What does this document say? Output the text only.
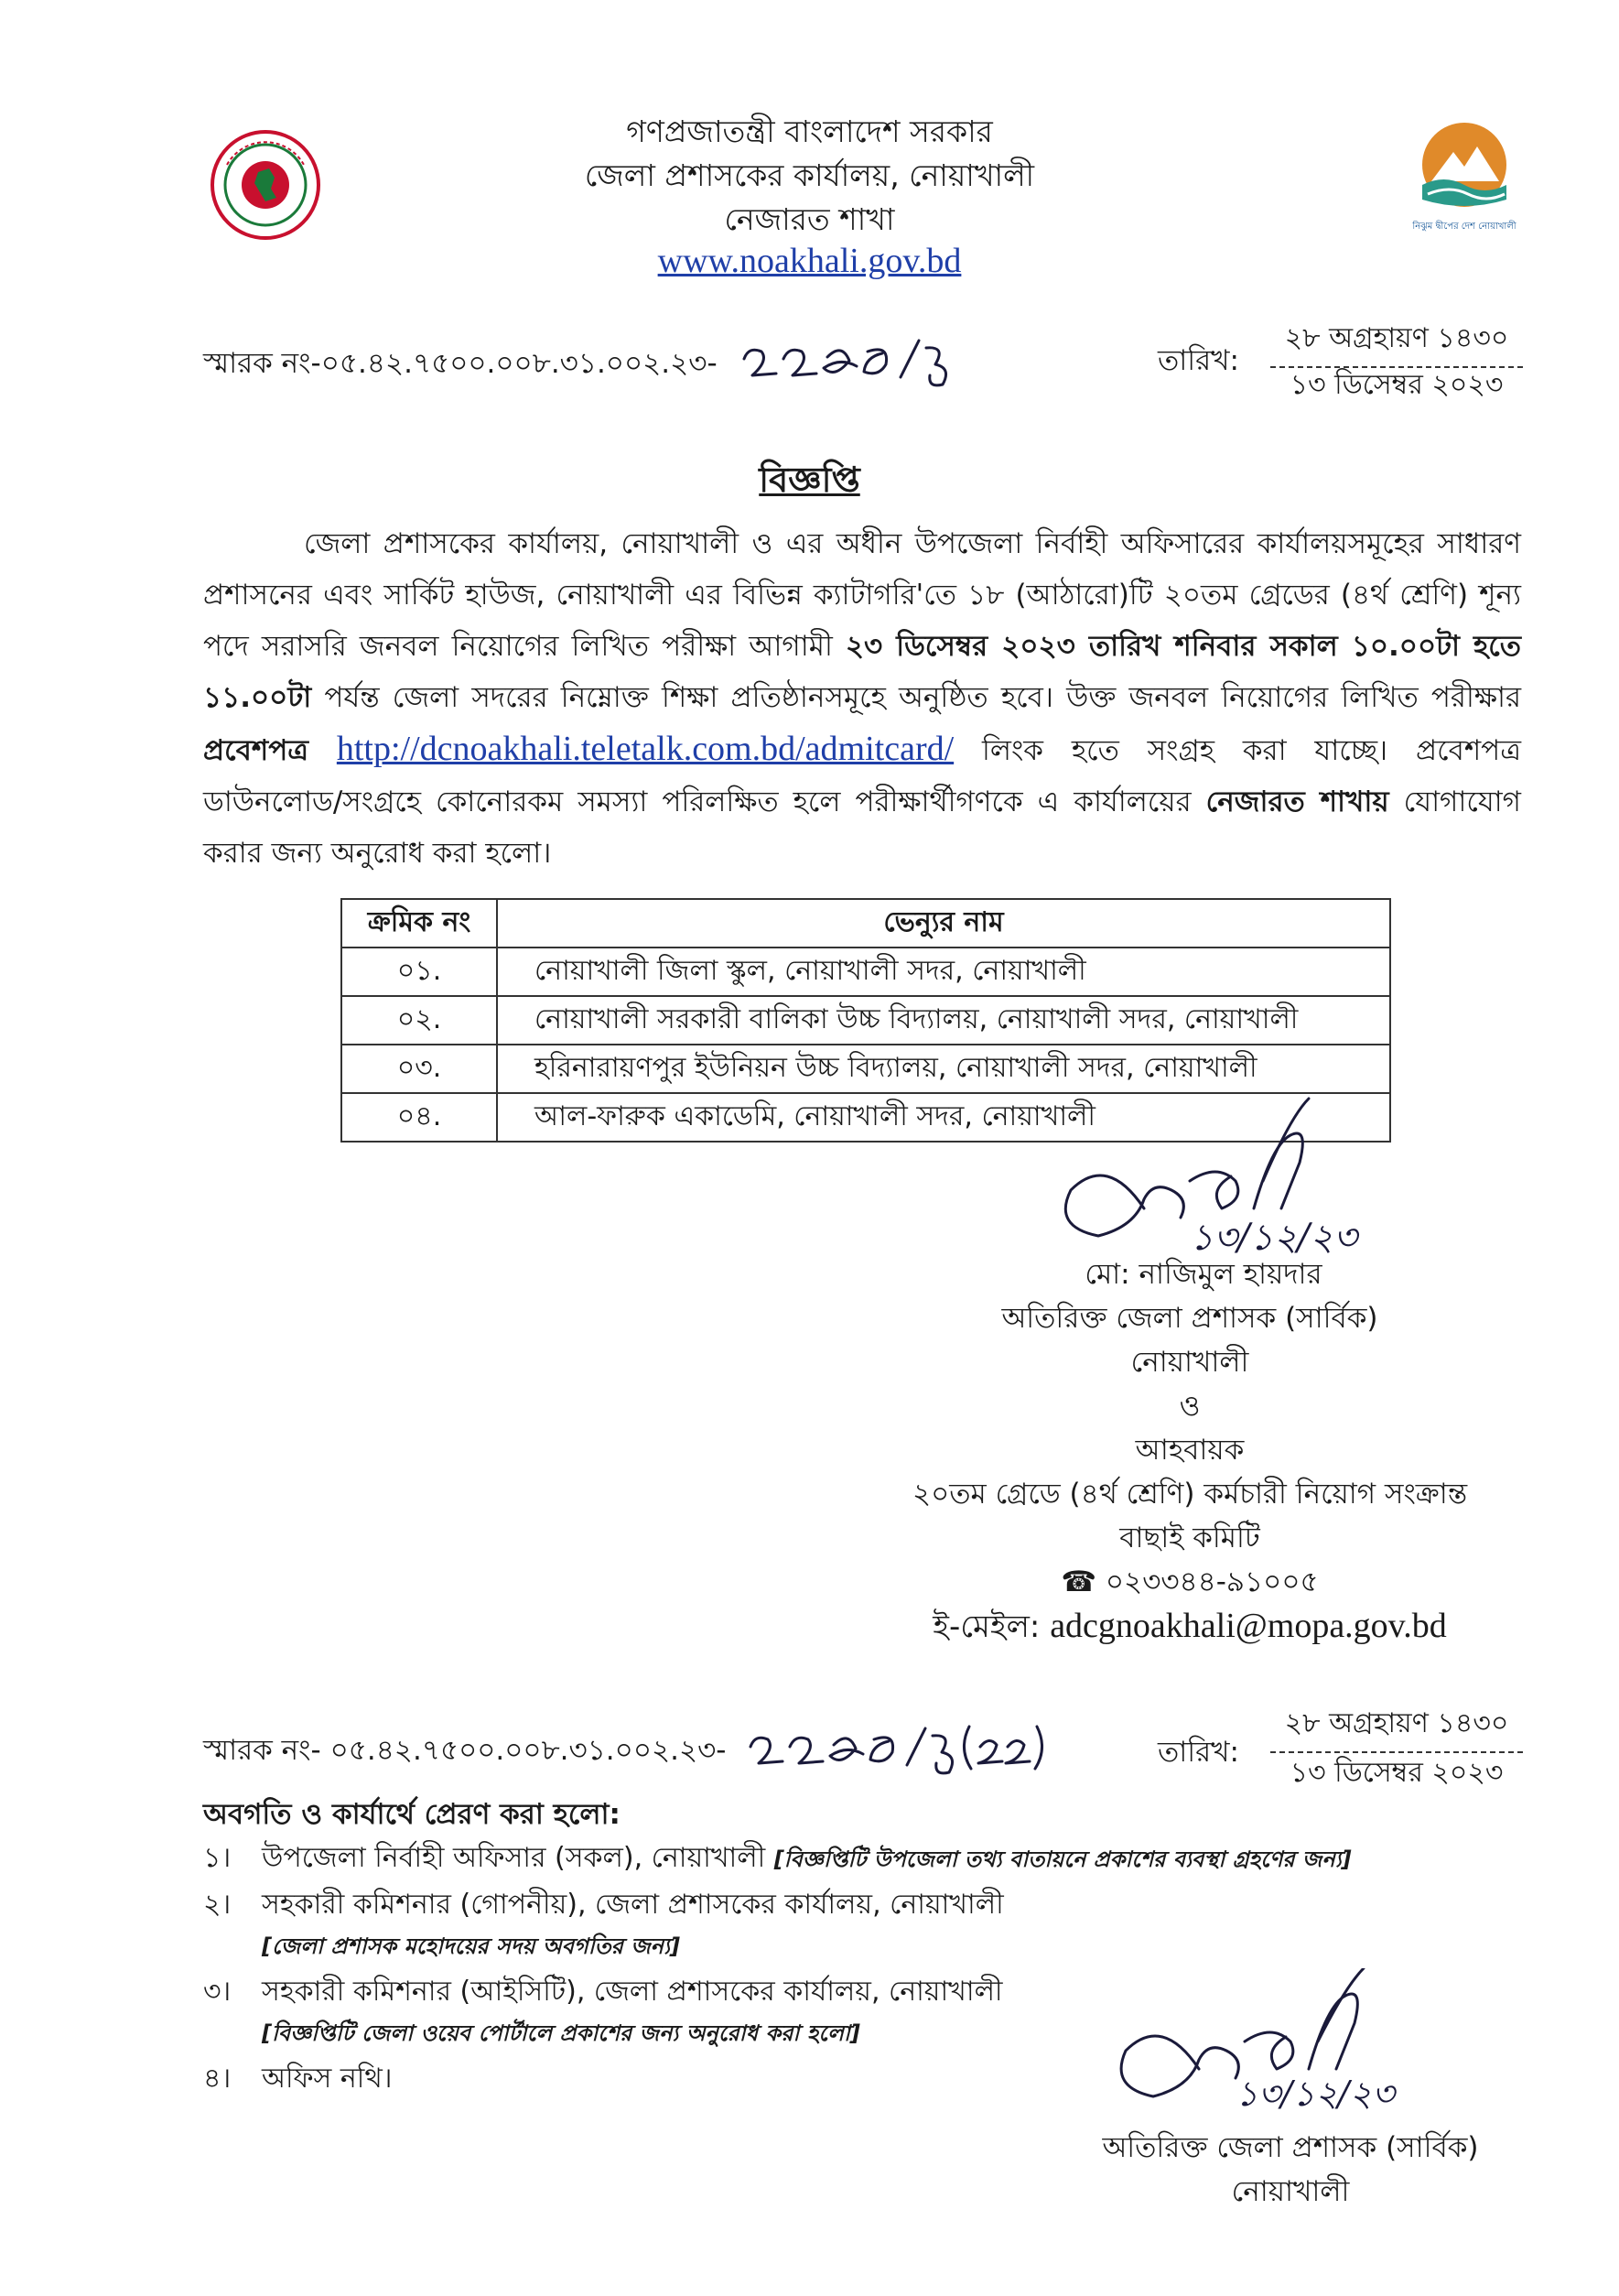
নিঝুম দ্বীপের দেশ নোয়াখালী
গণপ্রজাতন্ত্রী বাংলাদেশ সরকার
জেলা প্রশাসকের কার্যালয়, নোয়াখালী
নেজারত শাখা
www.noakhali.gov.bd
স্মারক নং-০৫.৪২.৭৫০০.০০৮.৩১.০০২.২৩-	তারিখ:
২৮ অগ্রহায়ণ ১৪৩০
১৩ ডিসেম্বর ২০২৩
বিজ্ঞপ্তি
জেলা প্রশাসকের কার্যালয়, নোয়াখালী ও এর অধীন উপজেলা নির্বাহী অফিসারের কার্যালয়সমূহের সাধারণ প্রশাসনের এবং সার্কিট হাউজ, নোয়াখালী এর বিভিন্ন ক্যাটাগরি'তে ১৮ (আঠারো)টি ২০তম গ্রেডের (৪র্থ শ্রেণি) শূন্য পদে সরাসরি জনবল নিয়োগের লিখিত পরীক্ষা আগামী ২৩ ডিসেম্বর ২০২৩ তারিখ শনিবার সকাল ১০.০০টা হতে ১১.০০টা পর্যন্ত জেলা সদরের নিম্নোক্ত শিক্ষা প্রতিষ্ঠানসমূহে অনুষ্ঠিত হবে। উক্ত জনবল নিয়োগের লিখিত পরীক্ষার প্রবেশপত্র http://dcnoakhali.teletalk.com.bd/admitcard/ লিংক হতে সংগ্রহ করা যাচ্ছে। প্রবেশপত্র ডাউনলোড/সংগ্রহে কোনোরকম সমস্যা পরিলক্ষিত হলে পরীক্ষার্থীগণকে এ কার্যালয়ের নেজারত শাখায় যোগাযোগ করার জন্য অনুরোধ করা হলো।
ক্রমিক নং	ভেন্যুর নাম
০১.	নোয়াখালী জিলা স্কুল, নোয়াখালী সদর, নোয়াখালী
০২.	নোয়াখালী সরকারী বালিকা উচ্চ বিদ্যালয়, নোয়াখালী সদর, নোয়াখালী
০৩.	হরিনারায়ণপুর ইউনিয়ন উচ্চ বিদ্যালয়, নোয়াখালী সদর, নোয়াখালী
০৪.	আল-ফারুক একাডেমি, নোয়াখালী সদর, নোয়াখালী
১৩/১২/২৩
মো: নাজিমুল হায়দার
অতিরিক্ত জেলা প্রশাসক (সার্বিক)
নোয়াখালী
ও
আহবায়ক
২০তম গ্রেডে (৪র্থ শ্রেণি) কর্মচারী নিয়োগ সংক্রান্ত
বাছাই কমিটি
☎ ০২৩৩৪৪-৯১০০৫
ই-মেইল: adcgnoakhali@mopa.gov.bd
স্মারক নং- ০৫.৪২.৭৫০০.০০৮.৩১.০০২.২৩-	তারিখ:
২৮ অগ্রহায়ণ ১৪৩০
১৩ ডিসেম্বর ২০২৩
অবগতি ও কার্যার্থে প্রেরণ করা হলো:
১। উপজেলা নির্বাহী অফিসার (সকল), নোয়াখালী [বিজ্ঞপ্তিটি উপজেলা তথ্য বাতায়নে প্রকাশের ব্যবস্থা গ্রহণের জন্য]
২। সহকারী কমিশনার (গোপনীয়), জেলা প্রশাসকের কার্যালয়, নোয়াখালী
[জেলা প্রশাসক মহোদয়ের সদয় অবগতির জন্য]
৩। সহকারী কমিশনার (আইসিটি), জেলা প্রশাসকের কার্যালয়, নোয়াখালী
[বিজ্ঞপ্তিটি জেলা ওয়েব পোর্টালে প্রকাশের জন্য অনুরোধ করা হলো]
৪। অফিস নথি।	১৩/১২/২৩
অতিরিক্ত জেলা প্রশাসক (সার্বিক)
নোয়াখালী
